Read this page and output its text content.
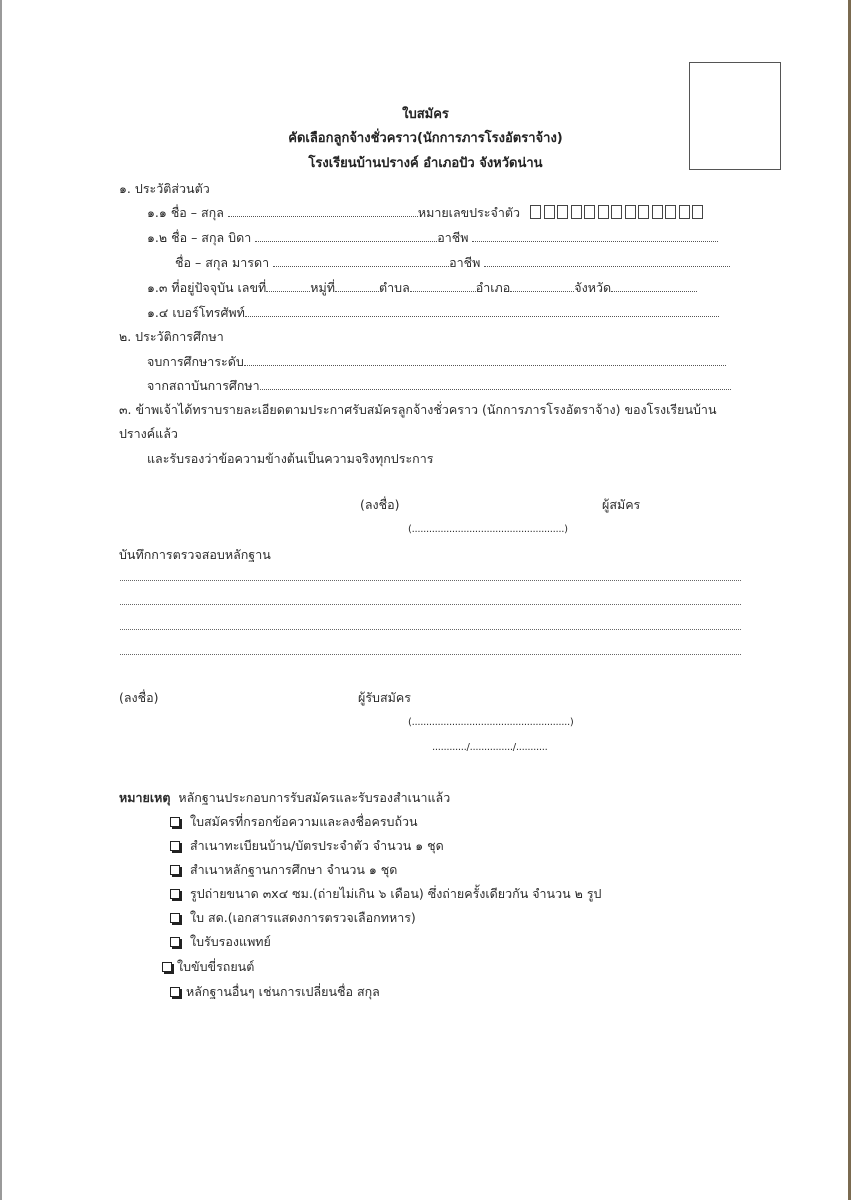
ใบสมัคร
คัดเลือกลูกจ้างชั่วคราว(นักการภารโรงอัตราจ้าง)
โรงเรียนบ้านปรางค์ อำเภอปัว จังหวัดน่าน
๑. ประวัติส่วนตัว
๑.๑ ชื่อ – สกุล	หมายเลขประจำตัว
๑.๒ ชื่อ – สกุล บิดา	อาชีพ
ชื่อ – สกุล มารดา	อาชีพ
๑.๓ ที่อยู่ปัจจุบัน เลขที่	หมู่ที่	ตำบล	อำเภอ	จังหวัด
๑.๔ เบอร์โทรศัพท์
๒. ประวัติการศึกษา
จบการศึกษาระดับ
จากสถาบันการศึกษา
๓. ข้าพเจ้าได้ทราบรายละเอียดตามประกาศรับสมัครลูกจ้างชั่วคราว (นักการภารโรงอัตราจ้าง) ของโรงเรียนบ้าน
ปรางค์แล้ว
และรับรองว่าข้อความข้างต้นเป็นความจริงทุกประการ
(ลงชื่อ)	ผู้สมัคร
(.....................................................)
บันทึกการตรวจสอบหลักฐาน
(ลงชื่อ)	ผู้รับสมัคร
(.......................................................)
............/.............../...........
หมายเหตุ หลักฐานประกอบการรับสมัครและรับรองสำเนาแล้ว
ใบสมัครที่กรอกข้อความและลงชื่อครบถ้วน
สำเนาทะเบียนบ้าน/บัตรประจำตัว จำนวน ๑ ชุด
สำเนาหลักฐานการศึกษา จำนวน ๑ ชุด
รูปถ่ายขนาด ๓x๔ ซม.(ถ่ายไม่เกิน ๖ เดือน) ซึ่งถ่ายครั้งเดียวกัน จำนวน ๒ รูป
ใบ สด.(เอกสารแสดงการตรวจเลือกทหาร)
ใบรับรองแพทย์
ใบขับขี่รถยนต์
หลักฐานอื่นๆ เช่นการเปลี่ยนชื่อ สกุล
